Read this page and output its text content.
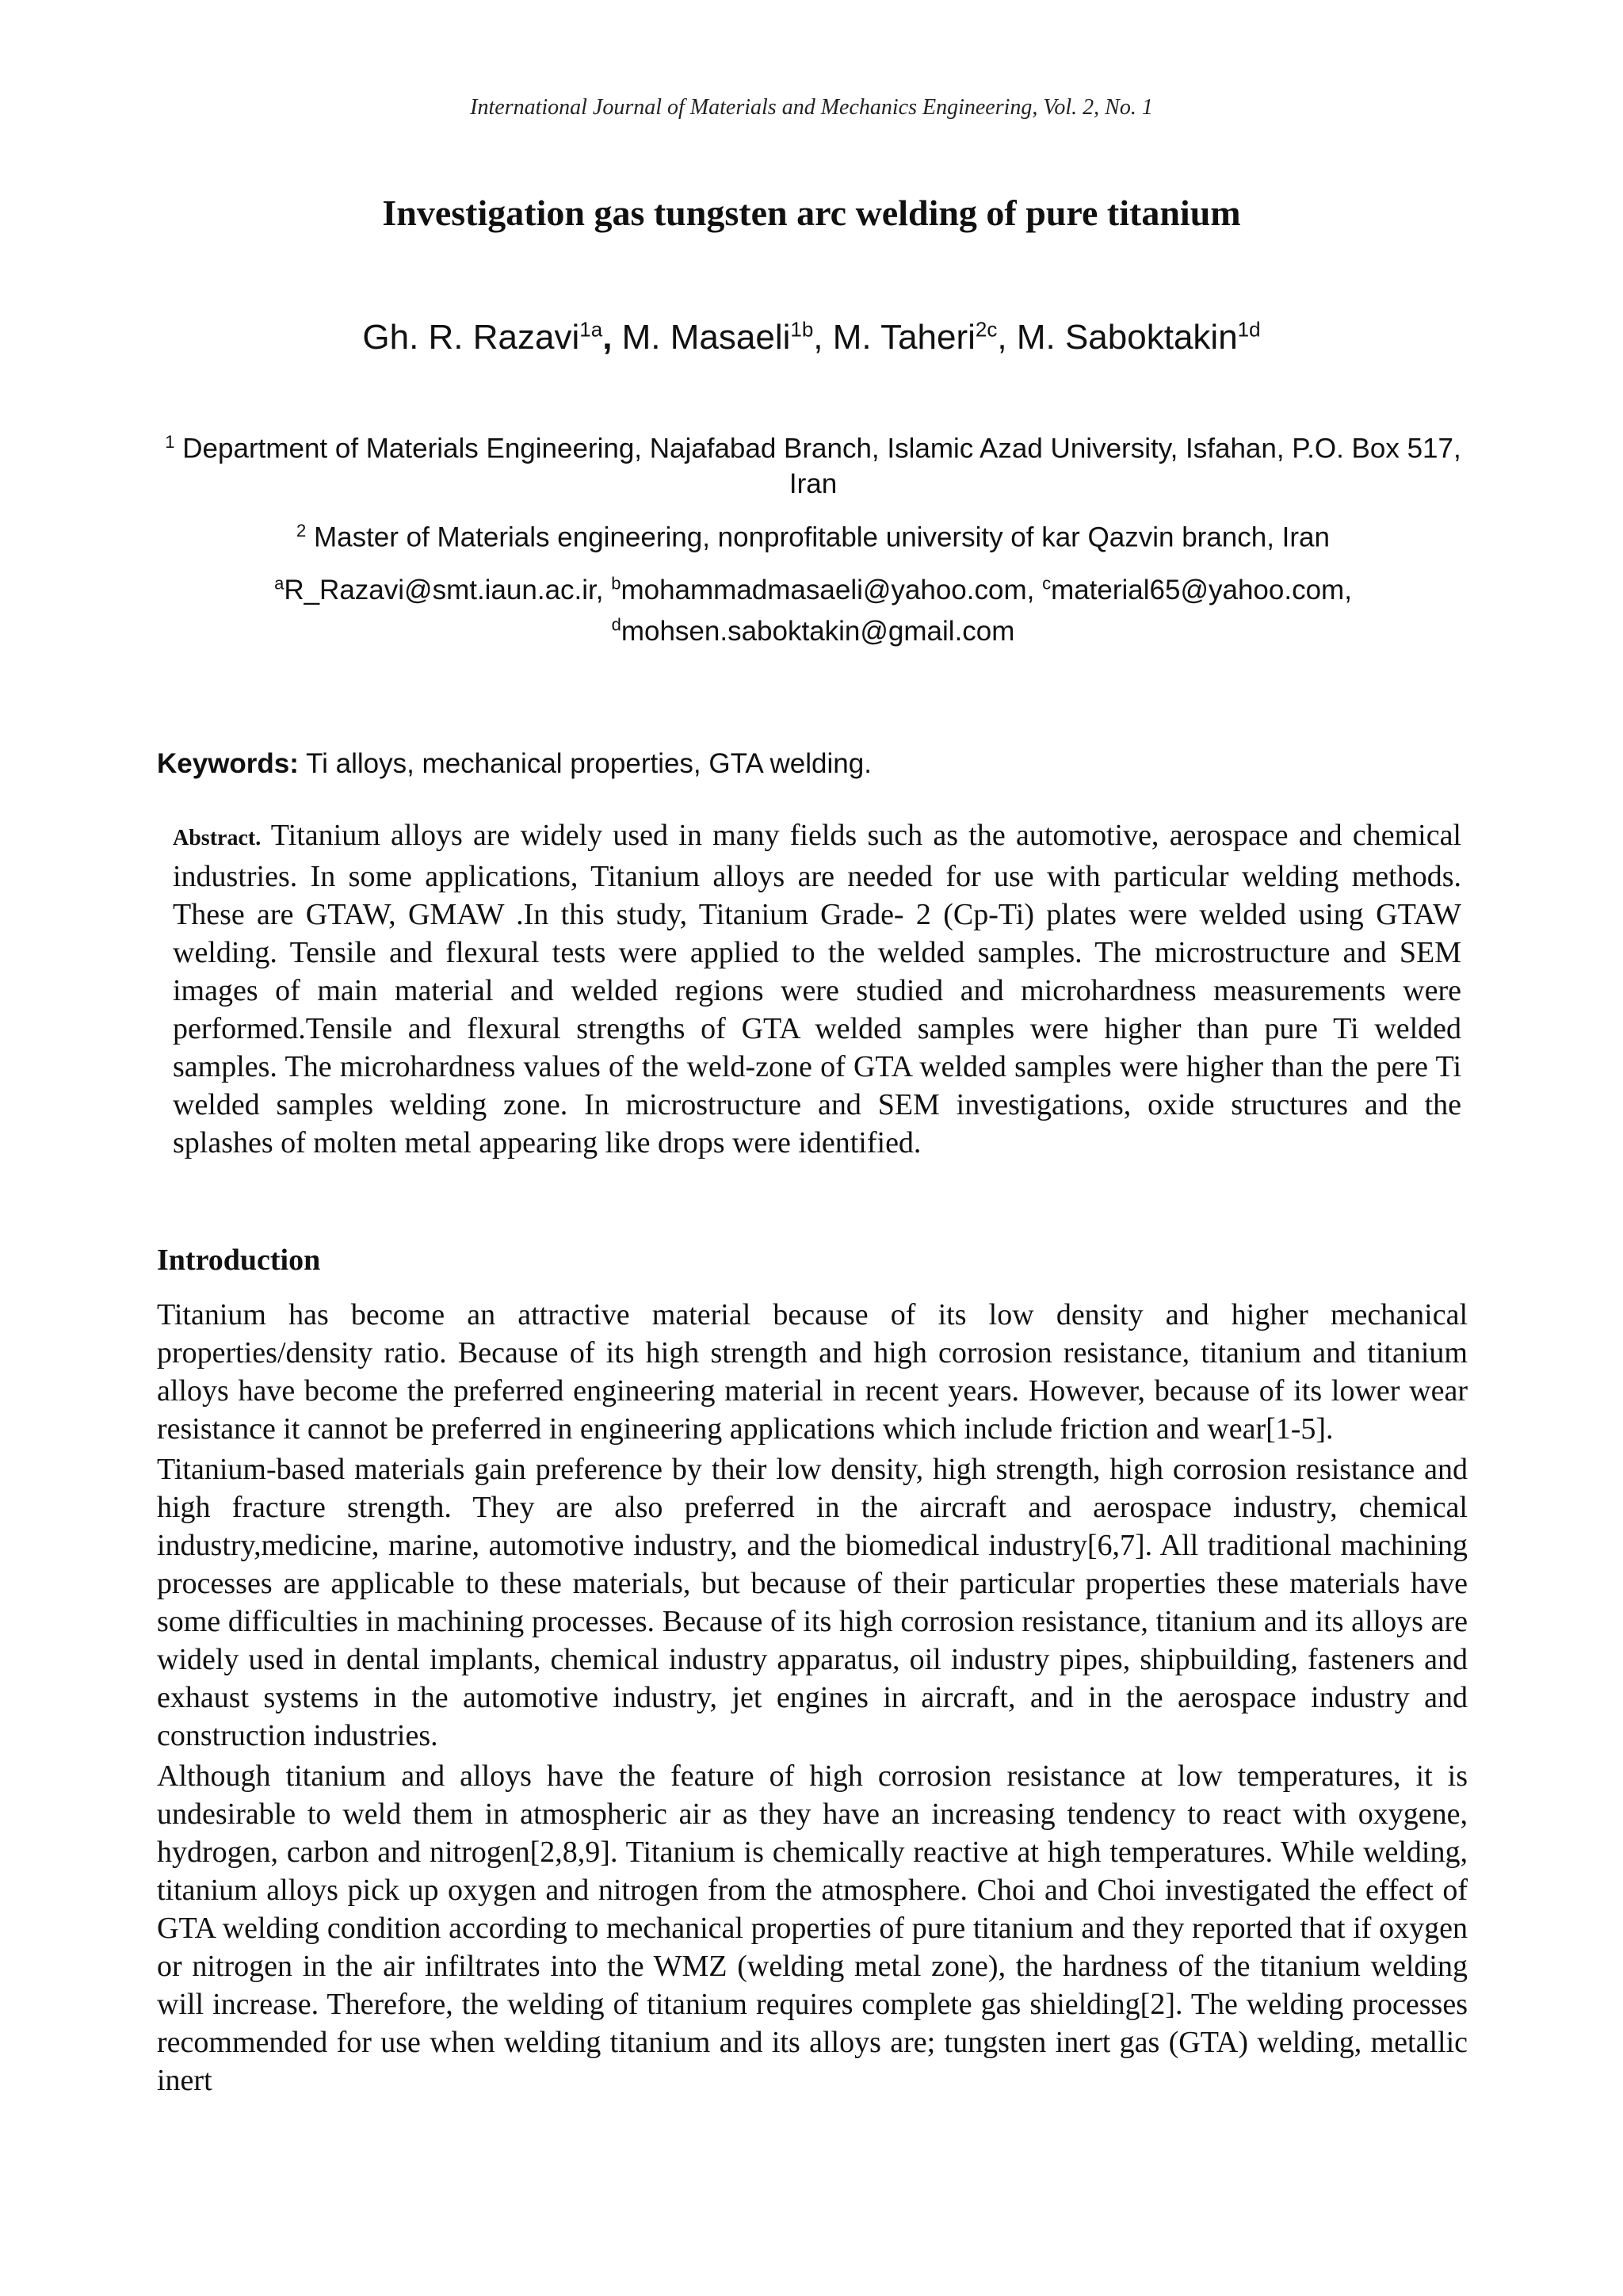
International Journal of Materials and Mechanics Engineering, Vol. 2, No. 1
Investigation gas tungsten arc welding of pure titanium
Gh. R. Razavi$^{1a}$, M. Masaeli$^{1b}$, M. Taheri$^{2c}$, M. Saboktakin$^{1d}$
$^1$ Department of Materials Engineering, Najafabad Branch, Islamic Azad University, Isfahan, P.O. Box 517, Iran
$^2$ Master of Materials engineering, nonprofitable university of kar Qazvin branch, Iran
$^a$R_Razavi@smt.iaun.ac.ir, $^b$mohammadmasaeli@yahoo.com, $^c$material65@yahoo.com,
$^d$mohsen.saboktakin@gmail.com
Keywords: Ti alloys, mechanical properties, GTA welding.
Abstract. Titanium alloys are widely used in many fields such as the automotive, aerospace and chemical industries. In some applications, Titanium alloys are needed for use with particular welding methods. These are GTAW, GMAW .In this study, Titanium Grade- 2 (Cp-Ti) plates were welded using GTAW welding. Tensile and flexural tests were applied to the welded samples. The microstructure and SEM images of main material and welded regions were studied and microhardness measurements were performed.Tensile and flexural strengths of GTA welded samples were higher than pure Ti welded samples. The microhardness values of the weld-zone of GTA welded samples were higher than the pere Ti welded samples welding zone. In microstructure and SEM investigations, oxide structures and the splashes of molten metal appearing like drops were identified.
Introduction

Titanium has become an attractive material because of its low density and higher mechanical properties/density ratio. Because of its high strength and high corrosion resistance, titanium and titanium alloys have become the preferred engineering material in recent years. However, because of its lower wear resistance it cannot be preferred in engineering applications which include friction and wear[1-5].

Titanium-based materials gain preference by their low density, high strength, high corrosion resistance and high fracture strength. They are also preferred in the aircraft and aerospace industry, chemical industry,medicine, marine, automotive industry, and the biomedical industry[6,7]. All traditional machining processes are applicable to these materials, but because of their particular properties these materials have some difficulties in machining processes. Because of its high corrosion resistance, titanium and its alloys are widely used in dental implants, chemical industry apparatus, oil industry pipes, shipbuilding, fasteners and exhaust systems in the automotive industry, jet engines in aircraft, and in the aerospace industry and construction industries.

Although titanium and alloys have the feature of high corrosion resistance at low temperatures, it is undesirable to weld them in atmospheric air as they have an increasing tendency to react with oxygene, hydrogen, carbon and nitrogen[2,8,9]. Titanium is chemically reactive at high temperatures. While welding, titanium alloys pick up oxygen and nitrogen from the atmosphere. Choi and Choi investigated the effect of GTA welding condition according to mechanical properties of pure titanium and they reported that if oxygen or nitrogen in the air infiltrates into the WMZ (welding metal zone), the hardness of the titanium welding will increase. Therefore, the welding of titanium requires complete gas shielding[2]. The welding processes recommended for use when welding titanium and its alloys are; tungsten inert gas (GTA) welding, metallic inert
